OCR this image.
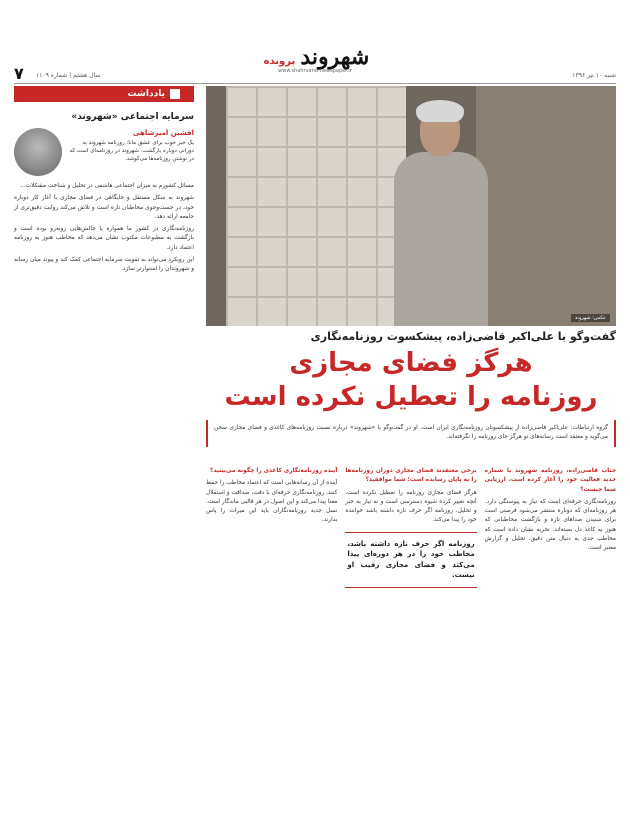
شنبه ۱۰ تیر ۱۳۹۶
شهروند پرونده
www.shahrvand-newspaper.ir
سال هشتم | شماره ۱۱۰۹
۷
عکس: شهروند
گفت‌وگو با علی‌اکبر قاضی‌زاده، پیشکسوت روزنامه‌نگاری
هرگز فضای مجازی
روزنامه را تعطیل نکرده است
گروه ارتباطات: علی‌اکبر قاضی‌زاده از پیشکسوتان روزنامه‌نگاری ایران است. او در گفت‌وگو با «شهروند» درباره نسبت روزنامه‌های کاغذی و فضای مجازی سخن می‌گوید و معتقد است رسانه‌های نو هرگز جای روزنامه را نگرفته‌اند.
جناب قاضی‌زاده، روزنامه شهروند با شماره جدید فعالیت خود را آغاز کرده است، ارزیابی شما چیست؟
روزنامه‌نگاری حرفه‌ای است که نیاز به پیوستگی دارد. هر روزنامه‌ای که دوباره منتشر می‌شود فرصتی است برای شنیدن صداهای تازه و بازگشت مخاطبانی که هنوز به کاغذ دل بسته‌اند. تجربه نشان داده است که مخاطب جدی به دنبال متن دقیق، تحلیل و گزارش معتبر است.
برخی معتقدند فضای مجازی دوران روزنامه‌ها را به پایان رسانده است؛ شما موافقید؟
هرگز فضای مجازی روزنامه را تعطیل نکرده است. آنچه تغییر کرده شیوه دسترسی است و نه نیاز به خبر و تحلیل. روزنامه اگر حرف تازه داشته باشد خواننده خود را پیدا می‌کند.
روزنامه اگر حرف تازه داشته باشد، مخاطب خود را در هر دوره‌ای پیدا می‌کند و فضای مجازی رقیب او نیست.
آینده روزنامه‌نگاری کاغذی را چگونه می‌بینید؟
آینده از آن رسانه‌هایی است که اعتماد مخاطب را حفظ کنند. روزنامه‌نگاری حرفه‌ای با دقت، صداقت و استقلال معنا پیدا می‌کند و این اصول در هر قالبی ماندگار است. نسل جدید روزنامه‌نگاران باید این میراث را پاس بدارند.
یادداشت
سرمایه اجتماعی «شهروند»
افشین امیرشاهی
یک خبر خوب برای عشق مانا: روزنامه شهروند به دورانی دوباره بازگشت. شهروند در روزنامه‌ای است که در نوشتن روزنامه‌ها می‌کوشد.

مسائل کشورم به میزان اجتماعی هاشمی در تحلیل و شناخت مشکلات...

شهروند به شکل مستقل و جایگاهی در فضای مجازی با آغاز کار دوباره خود، در جست‌وجوی مخاطبان تازه است و تلاش می‌کند روایت دقیق‌تری از جامعه ارائه دهد.

روزنامه‌نگاری در کشور ما همواره با چالش‌هایی روبه‌رو بوده است و بازگشت به مطبوعات مکتوب نشان می‌دهد که مخاطب هنوز به روزنامه اعتماد دارد.

این رویکرد می‌تواند به تقویت سرمایه اجتماعی کمک کند و پیوند میان رسانه و شهروندان را استوارتر سازد.
